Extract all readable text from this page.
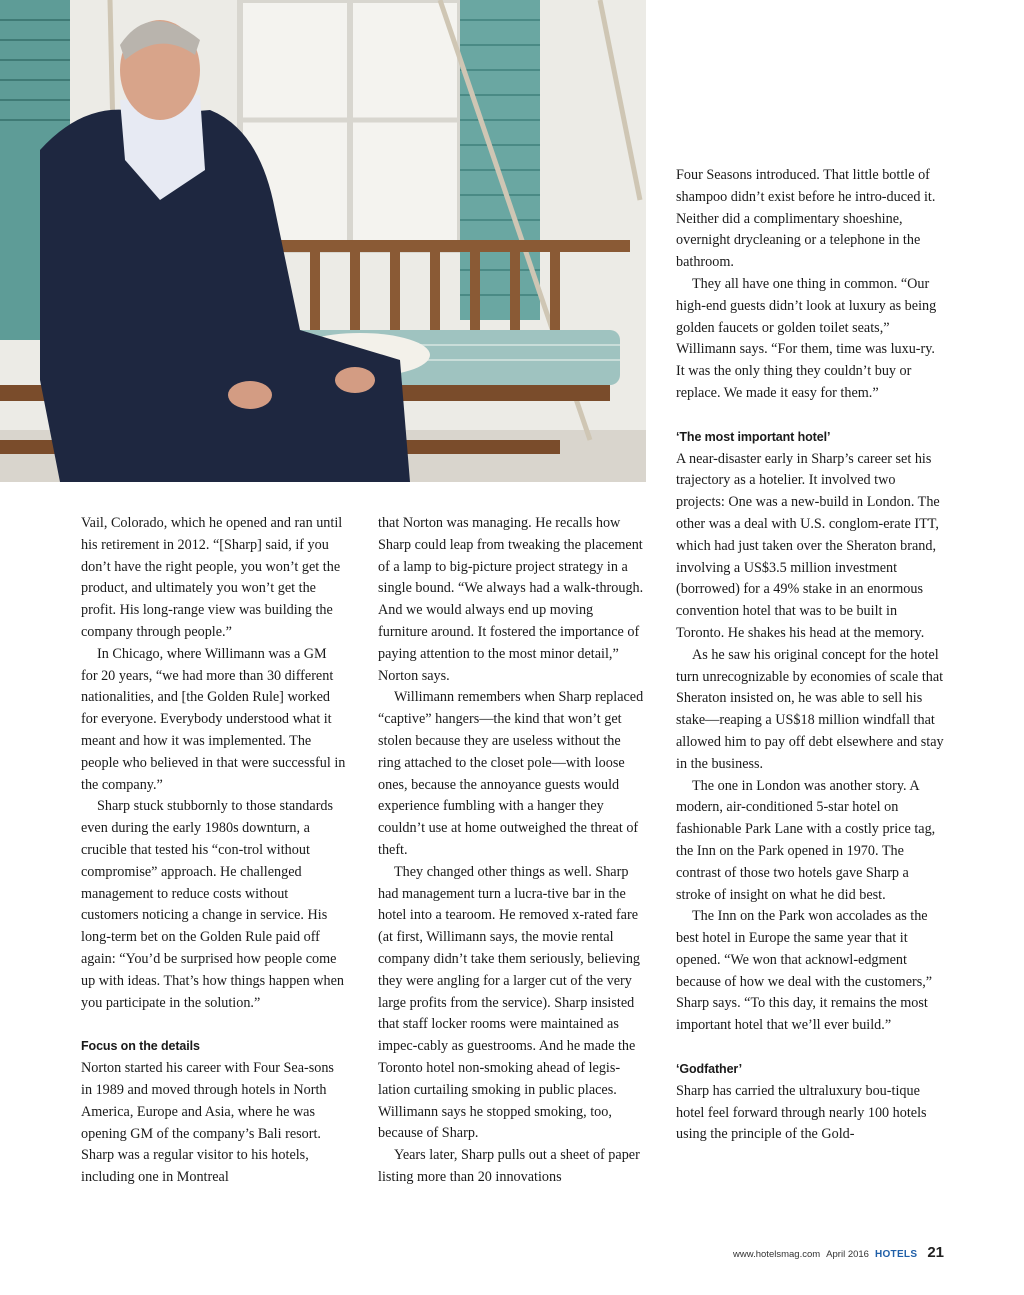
Vail, Colorado, which he opened and ran until his retirement in 2012. “[Sharp] said, if you don’t have the right people, you won’t get the product, and ultimately you won’t get the profit. His long-range view was building the company through people.”

In Chicago, where Willimann was a GM for 20 years, “we had more than 30 different nationalities, and [the Golden Rule] worked for everyone. Everybody understood what it meant and how it was implemented. The people who believed in that were successful in the company.”

Sharp stuck stubbornly to those standards even during the early 1980s downturn, a crucible that tested his “con-trol without compromise” approach. He challenged management to reduce costs without customers noticing a change in service. His long-term bet on the Golden Rule paid off again: “You’d be surprised how people come up with ideas. That’s how things happen when you participate in the solution.”

Focus on the details

Norton started his career with Four Sea-sons in 1989 and moved through hotels in North America, Europe and Asia, where he was opening GM of the company’s Bali resort. Sharp was a regular visitor to his hotels, including one in Montreal

that Norton was managing. He recalls how Sharp could leap from tweaking the placement of a lamp to big-picture project strategy in a single bound. “We always had a walk-through. And we would always end up moving furniture around. It fostered the importance of paying attention to the most minor detail,” Norton says.

Willimann remembers when Sharp replaced “captive” hangers—the kind that won’t get stolen because they are useless without the ring attached to the closet pole—with loose ones, because the annoyance guests would experience fumbling with a hanger they couldn’t use at home outweighed the threat of theft.

They changed other things as well. Sharp had management turn a lucra-tive bar in the hotel into a tearoom. He removed x-rated fare (at first, Willimann says, the movie rental company didn’t take them seriously, believing they were angling for a larger cut of the very large profits from the service). Sharp insisted that staff locker rooms were maintained as impec-cably as guestrooms. And he made the Toronto hotel non-smoking ahead of legis-lation curtailing smoking in public places. Willimann says he stopped smoking, too, because of Sharp.

Years later, Sharp pulls out a sheet of paper listing more than 20 innovations

Four Seasons introduced. That little bottle of shampoo didn’t exist before he intro-duced it. Neither did a complimentary shoeshine, overnight drycleaning or a telephone in the bathroom.

They all have one thing in common. “Our high-end guests didn’t look at luxury as being golden faucets or golden toilet seats,” Willimann says. “For them, time was luxu-ry. It was the only thing they couldn’t buy or replace. We made it easy for them.”

‘The most important hotel’

A near-disaster early in Sharp’s career set his trajectory as a hotelier. It involved two projects: One was a new-build in London. The other was a deal with U.S. conglom-erate ITT, which had just taken over the Sheraton brand, involving a US$3.5 million investment (borrowed) for a 49% stake in an enormous convention hotel that was to be built in Toronto. He shakes his head at the memory.

As he saw his original concept for the hotel turn unrecognizable by economies of scale that Sheraton insisted on, he was able to sell his stake—reaping a US$18 million windfall that allowed him to pay off debt elsewhere and stay in the business.

The one in London was another story. A modern, air-conditioned 5-star hotel on fashionable Park Lane with a costly price tag, the Inn on the Park opened in 1970. The contrast of those two hotels gave Sharp a stroke of insight on what he did best.

The Inn on the Park won accolades as the best hotel in Europe the same year that it opened. “We won that acknowl-edgment because of how we deal with the customers,” Sharp says. “To this day, it remains the most important hotel that we’ll ever build.”

‘Godfather’

Sharp has carried the ultraluxury bou-tique hotel feel forward through nearly 100 hotels using the principle of the Gold-

www.hotelsmag.com April 2016 HOTELS 21
